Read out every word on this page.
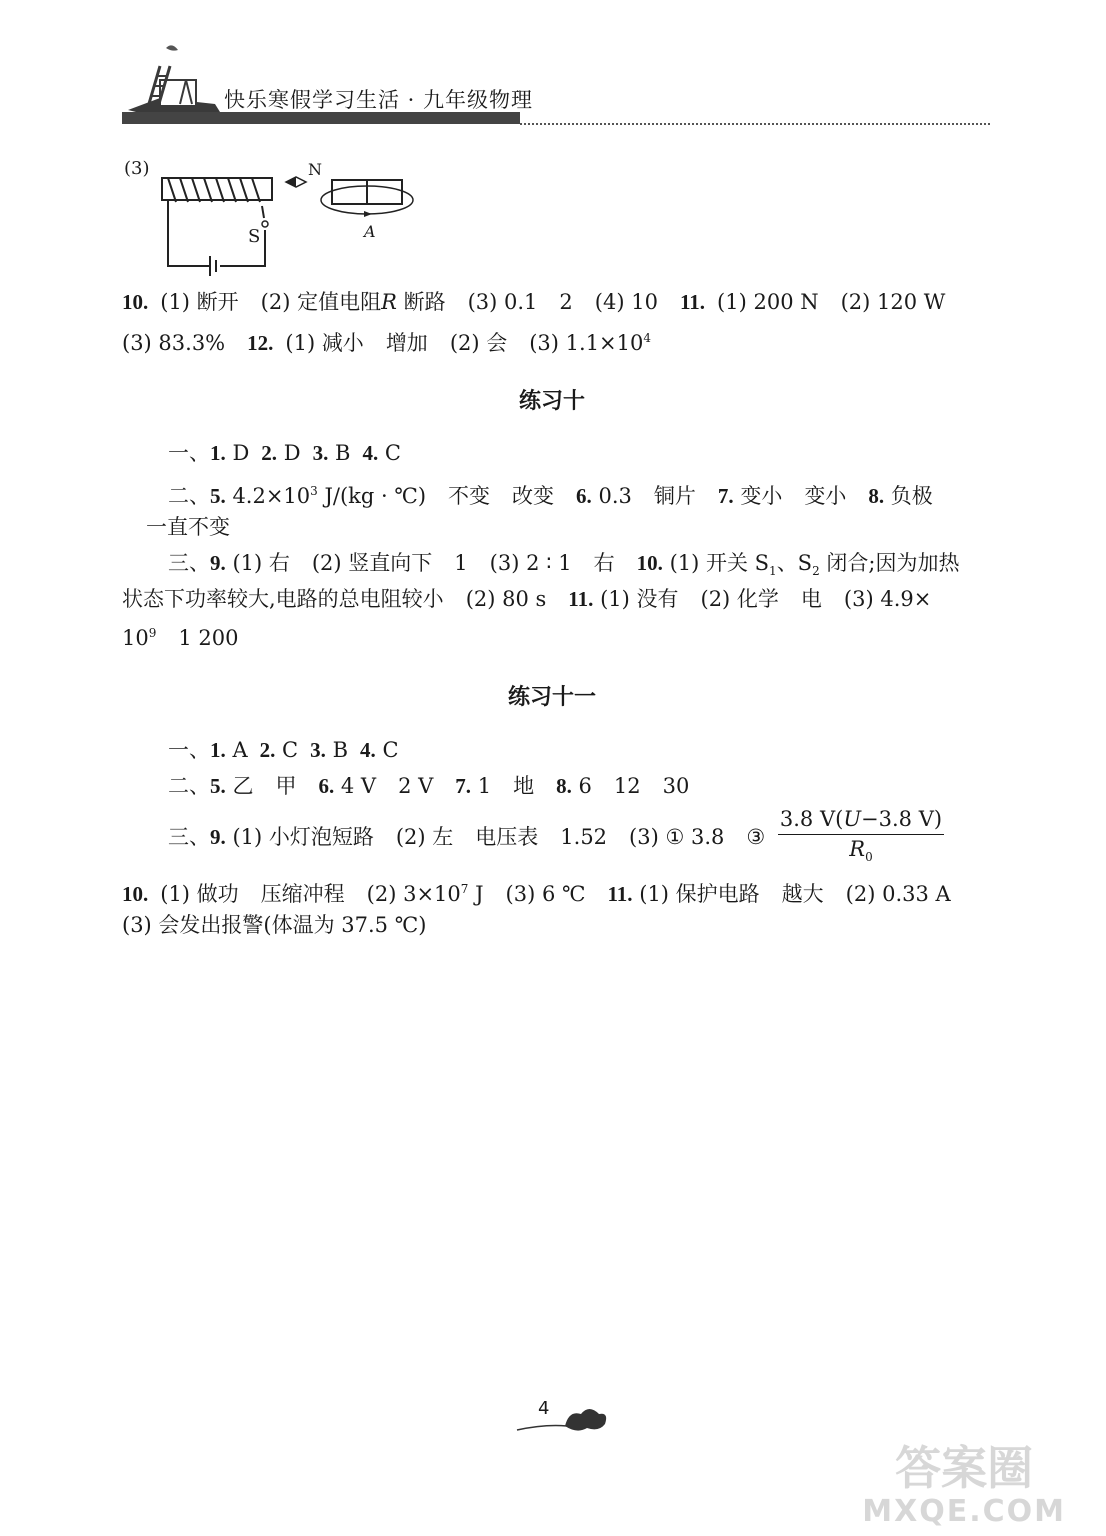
快乐寒假学习生活 · 九年级物理
(3)	N
S	A
10. (1) 断开 (2) 定值电阻R 断路 (3) 0.1 2 (4) 10 11. (1) 200 N (2) 120 W
(3) 83.3% 12. (1) 减小 增加 (2) 会 (3) $1.1\times 10^4$
练习十
一、1. D 2. D 3. B 4. C
二、5. $4.2\times 10^3$ J/(kg · ℃) 不变 改变 6. 0.3 铜片 7. 变小 变小 8. 负极
一直不变
三、9. (1) 右 (2) 竖直向下 1 (3) 2 ∶ 1 右 10. (1) 开关 $S_1$、$S_2$ 闭合;因为加热
状态下功率较大,电路的总电阻较小 (2) 80 s 11. (1) 没有 (2) 化学 电 (3) 4.9×
$10^9$ 1 200
练习十一
一、1. A 2. C 3. B 4. C
二、5. 乙 甲 6. 4 V 2 V 7. 1 地 8. 6 12 30
三、9. (1) 小灯泡短路 (2) 左 电压表 1.52 (3) ① 3.8 ③ $\frac{3.8 V(U-3.8 V)}{R_0}$
10. (1) 做功 压缩冲程 (2) $3\times 10^7$ J (3) 6 ℃ 11. (1) 保护电路 越大 (2) 0.33 A
(3) 会发出报警(体温为 37.5 ℃)
4
答案圈
MXQE.COM
